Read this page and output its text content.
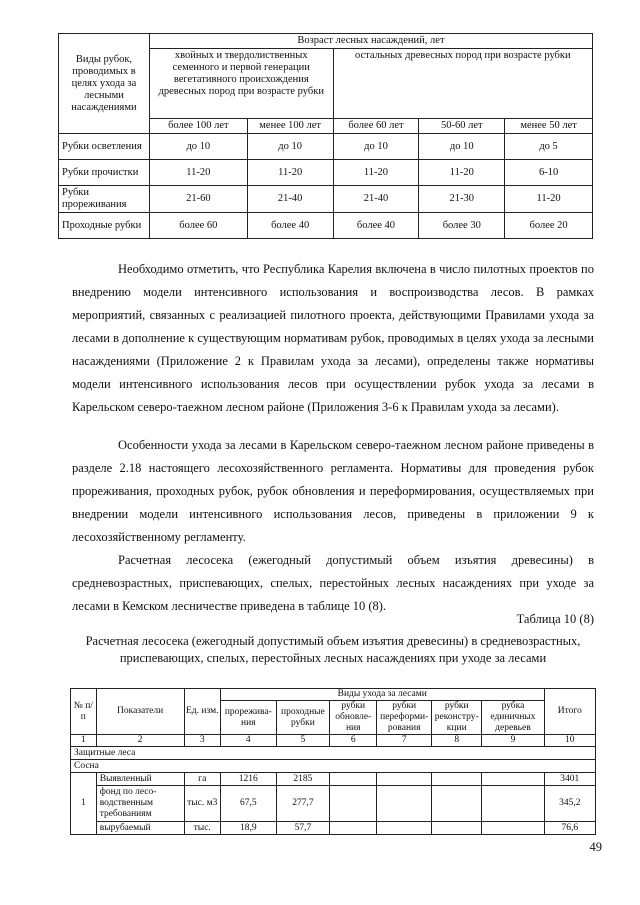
Виды рубок, проводимых в целях ухода за лесными насаждениями	Возраст лесных насаждений, лет				
	хвойных и твердолиственных семенного и первой генерации вегетативного происхождения древесных пород при возрасте рубки		остальных древесных пород при возрасте рубки		
	более 100 лет	менее 100 лет	более 60 лет	50-60 лет	менее 50 лет
Рубки осветления	до 10	до 10	до 10	до 10	до 5
Рубки прочистки	11-20	11-20	11-20	11-20	6-10
Рубки прореживания	21-60	21-40	21-40	21-30	11-20
Проходные рубки	более 60	более 40	более 40	более 30	более 20
Необходимо отметить, что Республика Карелия включена в число пилотных проектов по внедрению модели интенсивного использования и воспроизводства лесов. В рамках мероприятий, связанных с реализацией пилотного проекта, действующими Правилами ухода за лесами в дополнение к существующим нормативам рубок, проводимых в целях ухода за лесными насаждениями (Приложение 2 к Правилам ухода за лесами), определены также нормативы модели интенсивного использования лесов при осуществлении рубок ухода за лесами в Карельском северо-таежном лесном районе (Приложения 3-6 к Правилам ухода за лесами).
Особенности ухода за лесами в Карельском северо-таежном лесном районе приведены в разделе 2.18 настоящего лесохозяйственного регламента. Нормативы для проведения рубок прореживания, проходных рубок, рубок обновления и переформирования, осуществляемых при внедрении модели интенсивного использования лесов, приведены в приложении 9 к лесохозяйственному регламенту.
Расчетная лесосека (ежегодный допустимый объем изъятия древесины) в средневозрастных, приспевающих, спелых, перестойных лесных насаждениях при уходе за лесами в Кемском лесничестве приведена в таблице 10 (8).
Таблица 10 (8)
Расчетная лесосека (ежегодный допустимый объем изъятия древесины) в средневозрастных, приспевающих, спелых, перестойных лесных насаждениях при уходе за лесами
№ п/ п	Показатели	Ед. изм.	Виды ухода за лесами						Итого
			прорежива-ния	проходные рубки	рубки обновле-ния	рубки переформи-рования	рубки реконстру-кции	рубка единичных деревьев	
1	2	3	4	5	6	7	8	9	10
Защитные леса									
Сосна									
1	Выявленный	га	1216	2185					3401
	фонд по лесо-водственным требованиям	тыс. м3	67,5	277,7					345,2
	вырубаемый	тыс.	18,9	57,7					76,6
49
